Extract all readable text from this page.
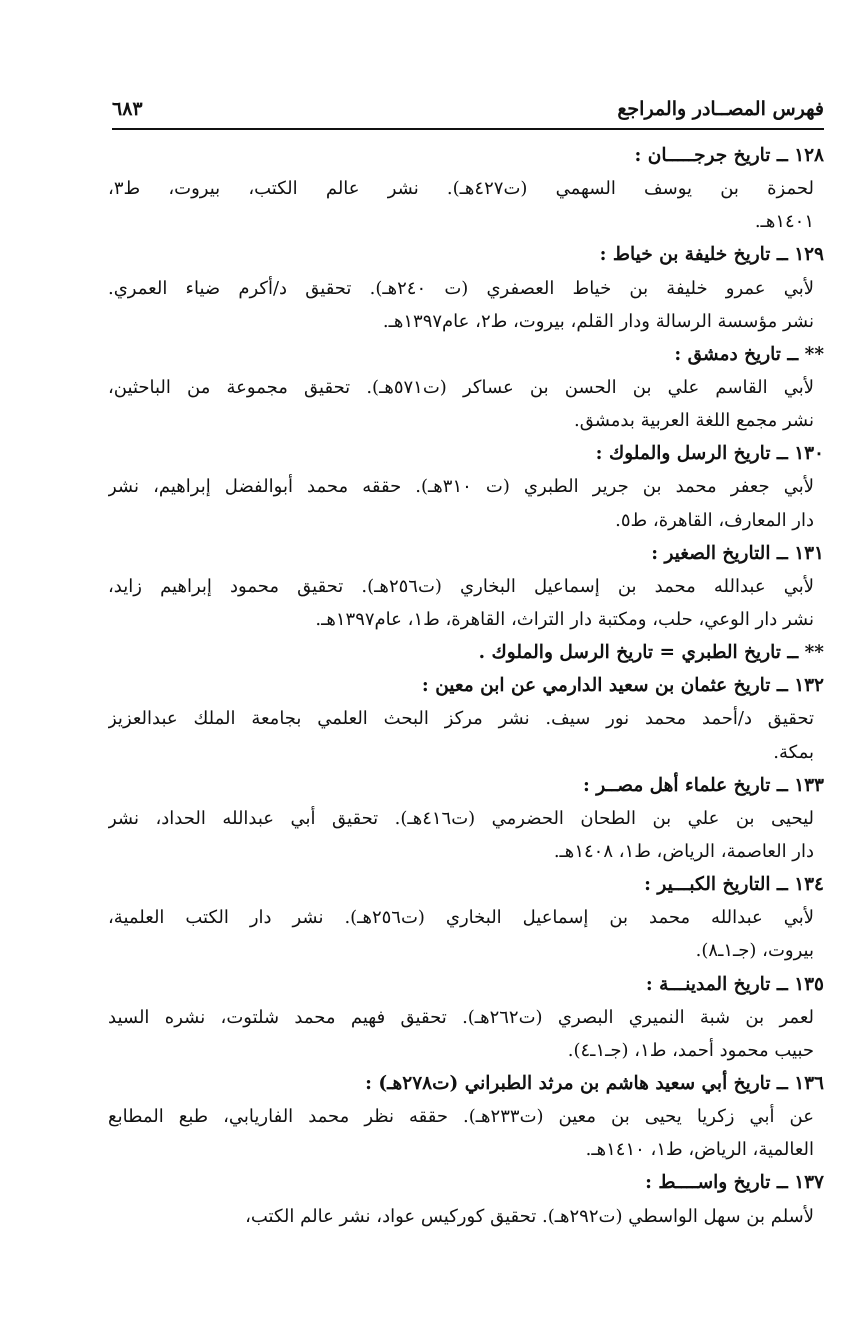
فهرس المصــادر والمراجع
٦٨٣
١٢٨ ــ تاريخ جرجـــــان :
لحمزة بن يوسف السهمي (ت٤٢٧هـ). نشر عالم الكتب، بيروت، ط٣،
١٤٠١هـ.
١٢٩ ــ تاريخ خليفة بن خياط :
لأبي عمرو خليفة بن خياط العصفري (ت ٢٤٠هـ). تحقيق د/أكرم ضياء العمري.
نشر مؤسسة الرسالة ودار القلم، بيروت، ط٢، عام١٣٩٧هـ.
** ــ تاريخ دمشق :
لأبي القاسم علي بن الحسن بن عساكر (ت٥٧١هـ). تحقيق مجموعة من الباحثين،
نشر مجمع اللغة العربية بدمشق.
١٣٠ ــ تاريخ الرسل والملوك :
لأبي جعفر محمد بن جرير الطبري (ت ٣١٠هـ). حققه محمد أبوالفضل إبراهيم، نشر
دار المعارف، القاهرة، ط٥.
١٣١ ــ التاريخ الصغير :
لأبي عبدالله محمد بن إسماعيل البخاري (ت٢٥٦هـ). تحقيق محمود إبراهيم زايد،
نشر دار الوعي، حلب، ومكتبة دار التراث، القاهرة، ط١، عام١٣٩٧هـ.
** ــ تاريخ الطبري = تاريخ الرسل والملوك .
١٣٢ ــ تاريخ عثمان بن سعيد الدارمي عن ابن معين :
تحقيق د/أحمد محمد نور سيف. نشر مركز البحث العلمي بجامعة الملك عبدالعزيز
بمكة.
١٣٣ ــ تاريخ علماء أهل مصــر :
ليحيى بن علي بن الطحان الحضرمي (ت٤١٦هـ). تحقيق أبي عبدالله الحداد، نشر
دار العاصمة، الرياض، ط١، ١٤٠٨هـ.
١٣٤ ــ التاريخ الكبـــير :
لأبي عبدالله محمد بن إسماعيل البخاري (ت٢٥٦هـ). نشر دار الكتب العلمية،
بيروت، (جـ١ـ٨).
١٣٥ ــ تاريخ المدينـــة :
لعمر بن شبة النميري البصري (ت٢٦٢هـ). تحقيق فهيم محمد شلتوت، نشره السيد
حبيب محمود أحمد، ط١، (جـ١ـ٤).
١٣٦ ــ تاريخ أبي سعيد هاشم بن مرثد الطبراني (ت٢٧٨هـ) :
عن أبي زكريا يحيى بن معين (ت٢٣٣هـ). حققه نظر محمد الفاريابي، طبع المطابع
العالمية، الرياض، ط١، ١٤١٠هـ.
١٣٧ ــ تاريخ واســــط :
لأسلم بن سهل الواسطي (ت٢٩٢هـ). تحقيق كوركيس عواد، نشر عالم الكتب،
